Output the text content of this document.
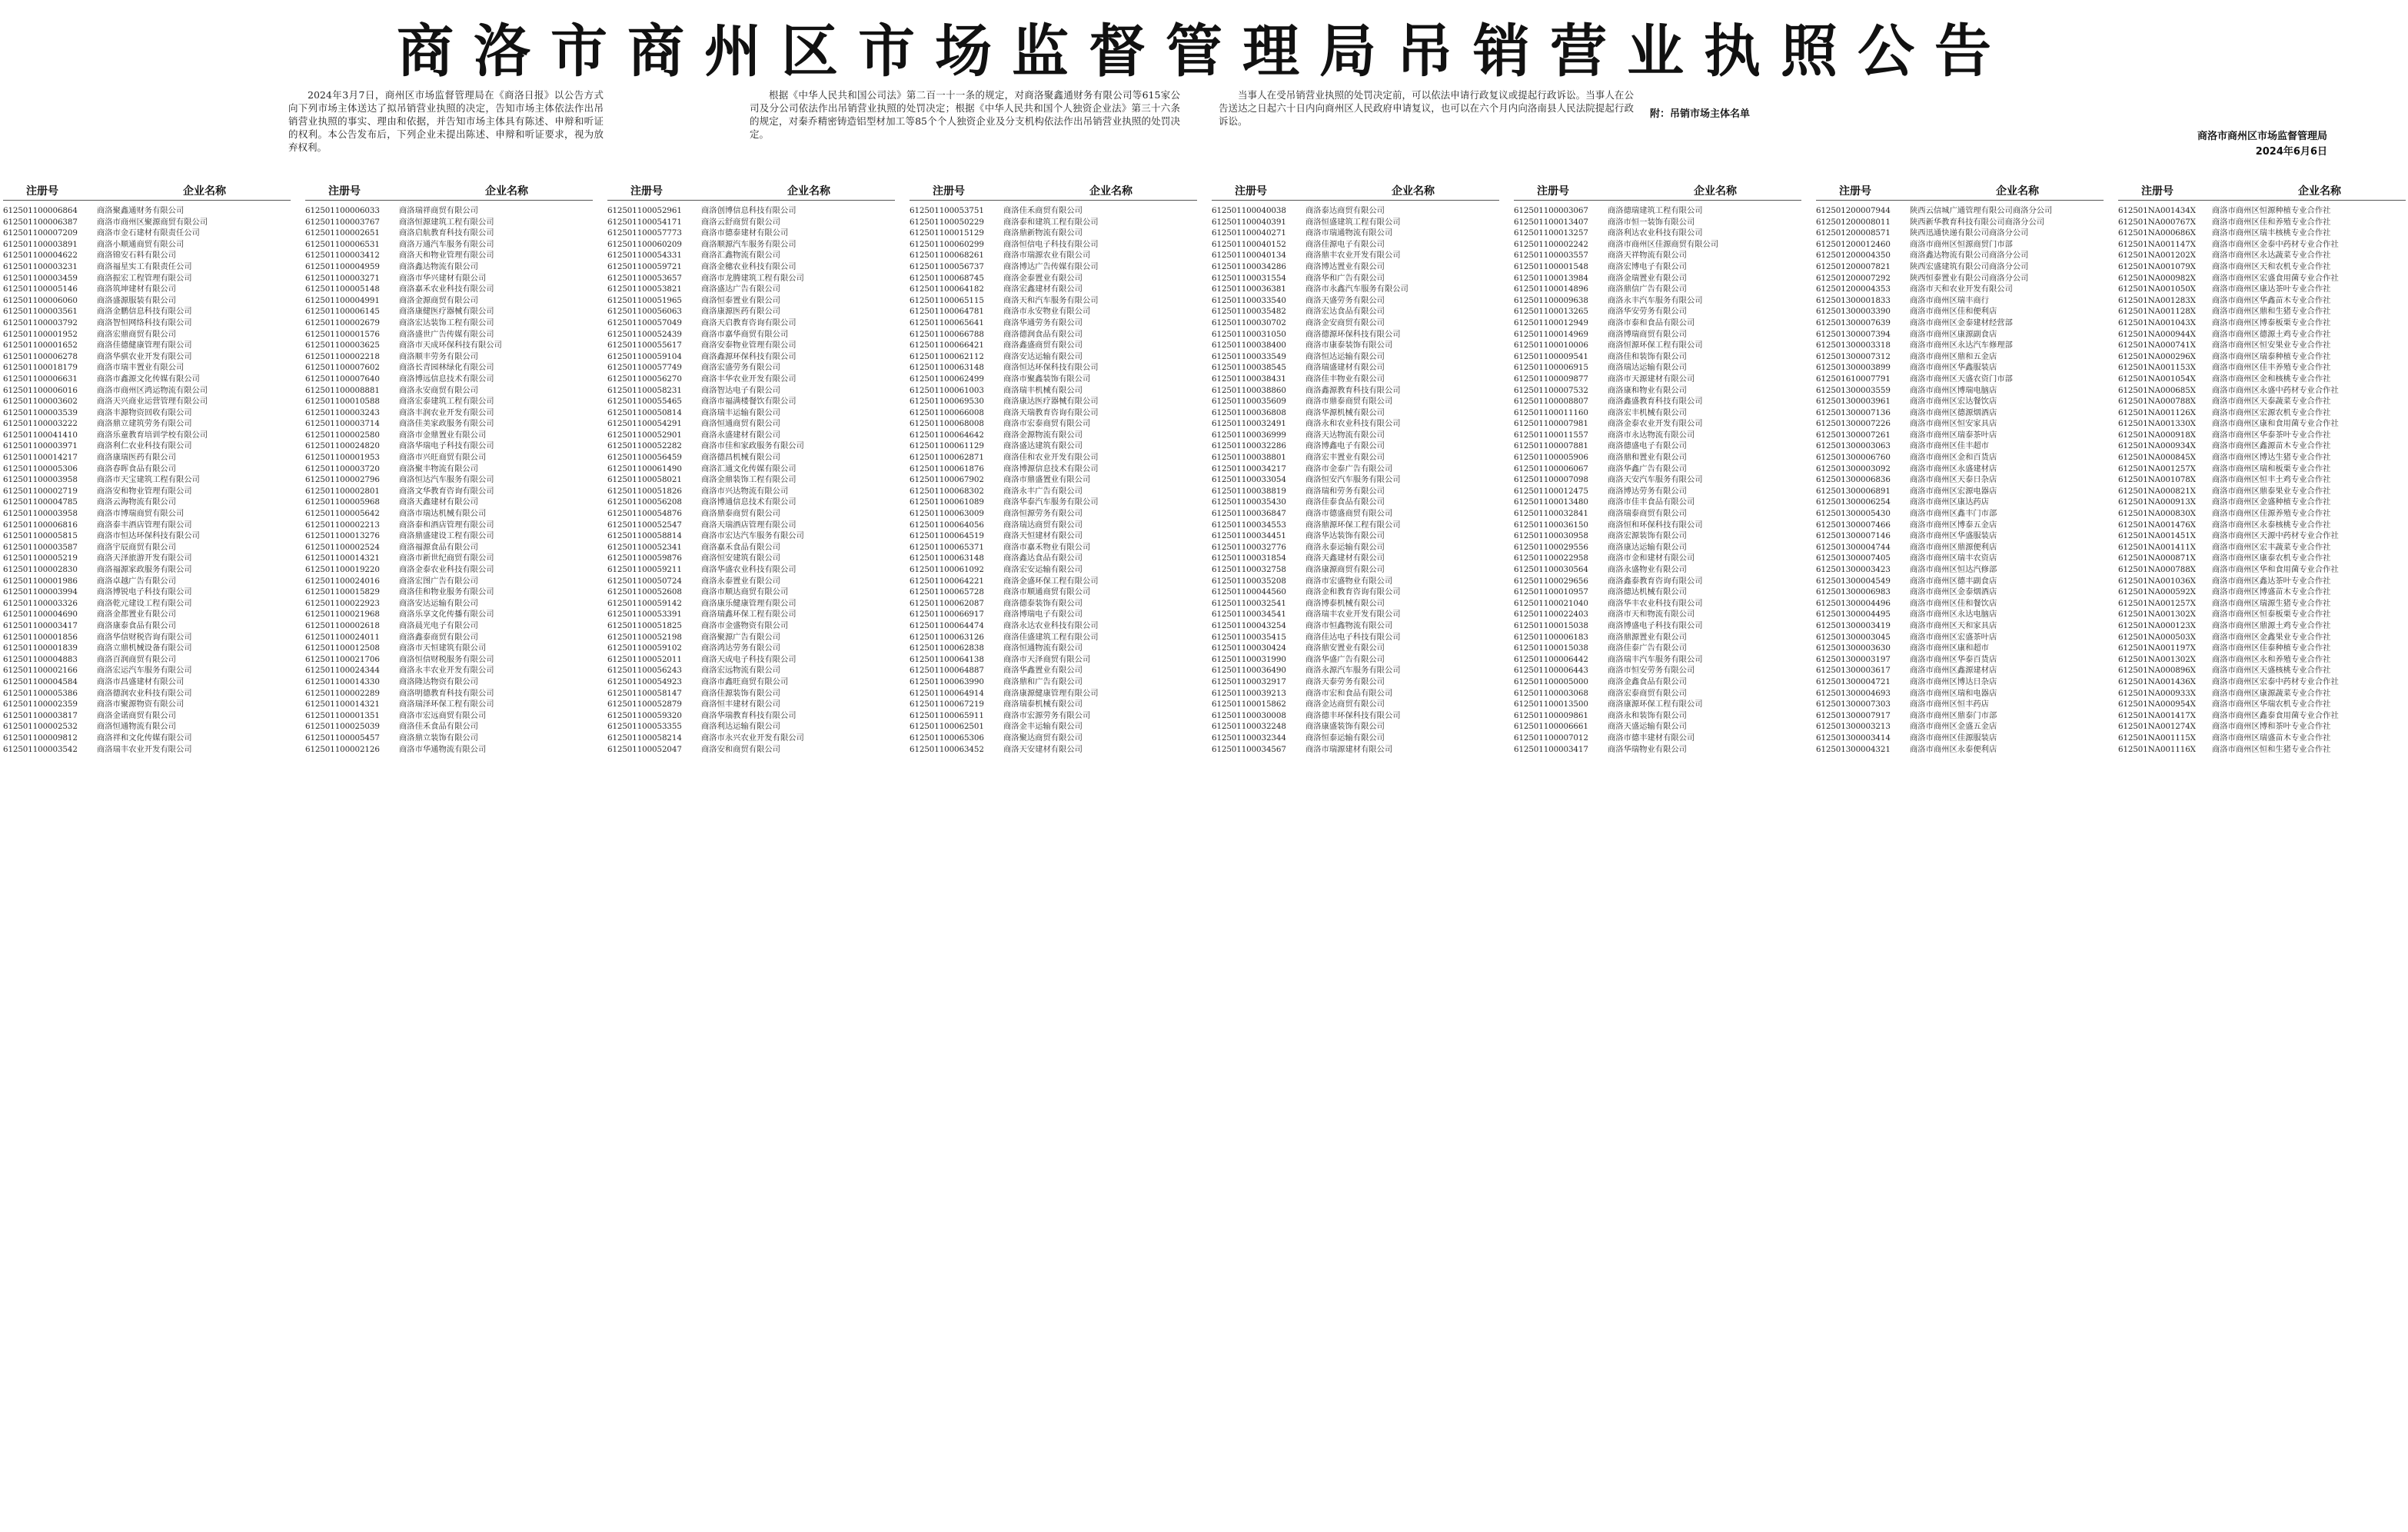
商洛市商州区市场监督管理局吊销营业执照公告

2024年3月7日，商州区市场监督管理局在《商洛日报》以公告方式向下列市场主体送达了拟吊销营业执照的决定，告知市场主体依法作出吊销营业执照的事实、理由和依据，并告知市场主体具有陈述、申辩和听证的权利。本公告发布后，下列企业未提出陈述、申辩和听证要求，视为放弃权利。

根据《中华人民共和国公司法》第二百一十一条的规定，对商洛聚鑫通财务有限公司等615家公司及分公司依法作出吊销营业执照的处罚决定；根据《中华人民共和国个人独资企业法》第三十六条的规定，对秦乔精密铸造铝型材加工等85个个人独资企业及分支机构依法作出吊销营业执照的处罚决定。

当事人在受吊销营业执照的处罚决定前，可以依法申请行政复议或提起行政诉讼。当事人在公告送达之日起六十日内向商州区人民政府申请复议，也可以在六个月内向洛南县人民法院提起行政诉讼。

附：吊销市场主体名单
商洛市商州区市场监督管理局
2024年6月6日
注册号	企业名称
612501100006864	商洛聚鑫通财务有限公司
612501100006387	商洛市商州区聚源商贸有限公司
612501100007209	商洛市金石建材有限责任公司
612501100003891	商洛小顺通商贸有限公司
612501100004622	商洛锦安石料有限公司
612501100003231	商洛福星实工有限责任公司
612501100003459	商洛振宏工程管理有限公司
612501100005146	商洛筑坤建材有限公司
612501100006060	商洛盛源服装有限公司
612501100003561	商洛金鹏信息科技有限公司
612501100003792	商洛智恒网络科技有限公司
612501100001952	商洛宏鼎商贸有限公司
612501100001652	商洛佳德健康管理有限公司
612501100006278	商洛华骐农业开发有限公司
612501100018179	商洛市瑞丰置业有限公司
612501100006631	商洛市鑫源文化传媒有限公司
612501100006016	商洛市商州区鸿运物流有限公司
612501100003602	商洛天兴商业运营管理有限公司
612501100003539	商洛丰源物资回收有限公司
612501100003222	商洛鼎立建筑劳务有限公司
612501100041410	商洛乐童教育培训学校有限公司
612501100003971	商洛利仁农业科技有限公司
612501100014217	商洛康瑞医药有限公司
612501100005306	商洛春晖食品有限公司
612501100003958	商洛市天宝建筑工程有限公司
612501100002719	商洛安和物业管理有限公司
612501100004785	商洛云海物流有限公司
612501100003958	商洛市博瑞商贸有限公司
612501100006816	商洛泰丰酒店管理有限公司
612501100005815	商洛市恒达环保科技有限公司
612501100003587	商洛宇辰商贸有限公司
612501100005219	商洛天泽旅游开发有限公司
612501100002830	商洛福源家政服务有限公司
612501100001986	商洛卓越广告有限公司
612501100003994	商洛博锐电子科技有限公司
612501100003326	商洛乾元建设工程有限公司
612501100004690	商洛金都置业有限公司
612501100003417	商洛康泰食品有限公司
612501100001856	商洛华信财税咨询有限公司
612501100001839	商洛立鼎机械设备有限公司
612501100004883	商洛百润商贸有限公司
612501100002166	商洛宏运汽车服务有限公司
612501100004584	商洛市昌盛建材有限公司
612501100005386	商洛德润农业科技有限公司
612501100002359	商洛市聚源物资有限公司
612501100003817	商洛金诺商贸有限公司
612501100002532	商洛恒通物流有限公司
612501100009812	商洛祥和文化传媒有限公司
612501100003542	商洛瑞丰农业开发有限公司
注册号	企业名称
612501100006033	商洛瑞祥商贸有限公司
612501100003767	商洛恒源建筑工程有限公司
612501100002651	商洛启航教育科技有限公司
612501100006531	商洛万通汽车服务有限公司
612501100003412	商洛天和物业管理有限公司
612501100004959	商洛鑫达物流有限公司
612501100003271	商洛市华兴建材有限公司
612501100005148	商洛嘉禾农业科技有限公司
612501100004991	商洛金源商贸有限公司
612501100006145	商洛康健医疗器械有限公司
612501100002679	商洛宏达装饰工程有限公司
612501100001576	商洛盛世广告传媒有限公司
612501100003625	商洛市天成环保科技有限公司
612501100002218	商洛顺丰劳务有限公司
612501100007602	商洛长青园林绿化有限公司
612501100007640	商洛博远信息技术有限公司
612501100008881	商洛永安商贸有限公司
612501100010588	商洛宏泰建筑工程有限公司
612501100003243	商洛丰润农业开发有限公司
612501100003714	商洛佳美家政服务有限公司
612501100002580	商洛市金鼎置业有限公司
612501100024820	商洛华瑞电子科技有限公司
612501100001953	商洛市兴旺商贸有限公司
612501100003720	商洛聚丰物流有限公司
612501100002796	商洛恒达汽车服务有限公司
612501100002801	商洛文华教育咨询有限公司
612501100005968	商洛天鑫建材有限公司
612501100005642	商洛市瑞达机械有限公司
612501100002213	商洛泰和酒店管理有限公司
612501100013276	商洛鼎盛建设工程有限公司
612501100002524	商洛福源食品有限公司
612501100014321	商洛市新世纪商贸有限公司
612501100019220	商洛金泰农业科技有限公司
612501100024016	商洛宏图广告有限公司
612501100015829	商洛佳和物业服务有限公司
612501100022923	商洛安达运输有限公司
612501100021968	商洛乐享文化传播有限公司
612501100002618	商洛晨光电子有限公司
612501100024011	商洛鑫泰商贸有限公司
612501100012508	商洛市天恒建筑有限公司
612501100021706	商洛恒信财税服务有限公司
612501100024344	商洛永丰农业开发有限公司
612501100014330	商洛隆达物资有限公司
612501100002289	商洛明德教育科技有限公司
612501100014321	商洛瑞泽环保工程有限公司
612501100001351	商洛市宏远商贸有限公司
612501100025039	商洛佳禾食品有限公司
612501100005457	商洛鼎立装饰有限公司
612501100002126	商洛市华通物流有限公司
注册号	企业名称
612501100052961	商洛创博信息科技有限公司
612501100054171	商洛云舒商贸有限公司
612501100057773	商洛市德泰建材有限公司
612501100060209	商洛顺源汽车服务有限公司
612501100054331	商洛汇鑫物流有限公司
612501100059721	商洛金穗农业科技有限公司
612501100053657	商洛市龙腾建筑工程有限公司
612501100053821	商洛盛达广告有限公司
612501100051965	商洛恒泰置业有限公司
612501100056063	商洛康源医药有限公司
612501100057049	商洛天启教育咨询有限公司
612501100052439	商洛市嘉华商贸有限公司
612501100055617	商洛安泰物业管理有限公司
612501100059104	商洛鑫源环保科技有限公司
612501100057749	商洛宏盛劳务有限公司
612501100056270	商洛丰华农业开发有限公司
612501100058231	商洛智达电子有限公司
612501100055465	商洛市福满楼餐饮有限公司
612501100050814	商洛瑞丰运输有限公司
612501100054291	商洛恒通商贸有限公司
612501100052901	商洛永盛建材有限公司
612501100052282	商洛市佳和家政服务有限公司
612501100056459	商洛德昌机械有限公司
612501100061490	商洛汇通文化传媒有限公司
612501100058021	商洛金鼎装饰工程有限公司
612501100051826	商洛市兴达物流有限公司
612501100056208	商洛博通信息技术有限公司
612501100054876	商洛鼎泰商贸有限公司
612501100052547	商洛天瑞酒店管理有限公司
612501100058814	商洛市宏达汽车服务有限公司
612501100052341	商洛嘉禾食品有限公司
612501100059876	商洛恒安建筑有限公司
612501100059211	商洛华盛农业科技有限公司
612501100050724	商洛永泰置业有限公司
612501100052608	商洛市顺达商贸有限公司
612501100059142	商洛康乐健康管理有限公司
612501100053391	商洛瑞鑫环保工程有限公司
612501100051825	商洛市金盛物资有限公司
612501100052198	商洛聚源广告有限公司
612501100059102	商洛鸿达劳务有限公司
612501100052011	商洛天成电子科技有限公司
612501100056243	商洛宏远物流有限公司
612501100054923	商洛市鑫旺商贸有限公司
612501100058147	商洛佳源装饰有限公司
612501100052879	商洛恒丰建材有限公司
612501100059320	商洛华瑞教育科技有限公司
612501100053355	商洛利达运输有限公司
612501100058214	商洛市永兴农业开发有限公司
612501100052047	商洛安和商贸有限公司
注册号	企业名称
612501100053751	商洛佳禾商贸有限公司
612501100050229	商洛泰和建筑工程有限公司
612501100015129	商洛鼎新物流有限公司
612501100060299	商洛恒信电子科技有限公司
612501100068261	商洛市瑞源农业有限公司
612501100056737	商洛博达广告传媒有限公司
612501100068745	商洛金泰置业有限公司
612501100064182	商洛宏鑫建材有限公司
612501100065115	商洛天和汽车服务有限公司
612501100064781	商洛市永安物业有限公司
612501100065641	商洛华通劳务有限公司
612501100066788	商洛德润食品有限公司
612501100066421	商洛鑫盛商贸有限公司
612501100062112	商洛安达运输有限公司
612501100063148	商洛恒达环保科技有限公司
612501100062499	商洛市聚鑫装饰有限公司
612501100061003	商洛瑞丰机械有限公司
612501100069530	商洛康达医疗器械有限公司
612501100066008	商洛天瑞教育咨询有限公司
612501100068008	商洛市宏泰商贸有限公司
612501100064642	商洛金源物流有限公司
612501100061129	商洛盛达建筑有限公司
612501100062871	商洛佳和农业开发有限公司
612501100061876	商洛博源信息技术有限公司
612501100067902	商洛市鼎盛置业有限公司
612501100068302	商洛永丰广告有限公司
612501100061089	商洛华泰汽车服务有限公司
612501100063009	商洛恒源劳务有限公司
612501100064056	商洛瑞达商贸有限公司
612501100064519	商洛天恒建材有限公司
612501100065371	商洛市嘉禾物业有限公司
612501100063148	商洛鑫达食品有限公司
612501100061092	商洛宏安运输有限公司
612501100064221	商洛金盛环保工程有限公司
612501100065728	商洛市顺通商贸有限公司
612501100062087	商洛德泰装饰有限公司
612501100066917	商洛博瑞电子有限公司
612501100064474	商洛永达农业科技有限公司
612501100063126	商洛佳盛建筑工程有限公司
612501100062838	商洛恒通物流有限公司
612501100064138	商洛市天泽商贸有限公司
612501100064887	商洛华鑫置业有限公司
612501100063990	商洛鼎和广告有限公司
612501100064914	商洛康源健康管理有限公司
612501100067219	商洛瑞泰机械有限公司
612501100065911	商洛市宏源劳务有限公司
612501100062501	商洛金丰运输有限公司
612501100065306	商洛聚达商贸有限公司
612501100063452	商洛天安建材有限公司
注册号	企业名称
612501100040038	商洛泰达商贸有限公司
612501100040391	商洛恒盛建筑工程有限公司
612501100040271	商洛市瑞通物流有限公司
612501100040152	商洛佳源电子有限公司
612501100040134	商洛鼎丰农业开发有限公司
612501100034286	商洛博达置业有限公司
612501100031554	商洛华和广告有限公司
612501100036381	商洛市永鑫汽车服务有限公司
612501100033540	商洛天盛劳务有限公司
612501100035482	商洛宏达食品有限公司
612501100030702	商洛金安商贸有限公司
612501100031050	商洛德源环保科技有限公司
612501100038400	商洛市康泰装饰有限公司
612501100033549	商洛恒达运输有限公司
612501100038545	商洛瑞盛建材有限公司
612501100038431	商洛佳丰物业有限公司
612501100038860	商洛鑫源教育科技有限公司
612501100035609	商洛市鼎泰商贸有限公司
612501100036808	商洛华源机械有限公司
612501100032491	商洛永和农业科技有限公司
612501100036999	商洛天达物流有限公司
612501100032286	商洛博鑫电子有限公司
612501100038801	商洛宏丰置业有限公司
612501100034217	商洛市金泰广告有限公司
612501100033054	商洛恒安汽车服务有限公司
612501100038819	商洛瑞和劳务有限公司
612501100035430	商洛佳泰食品有限公司
612501100036847	商洛市德盛商贸有限公司
612501100034553	商洛鼎源环保工程有限公司
612501100034451	商洛华达装饰有限公司
612501100032776	商洛永泰运输有限公司
612501100031854	商洛天鑫建材有限公司
612501100032758	商洛康源商贸有限公司
612501100035208	商洛市宏盛物业有限公司
612501100044560	商洛金和教育咨询有限公司
612501100032541	商洛博泰机械有限公司
612501100034541	商洛瑞丰农业开发有限公司
612501100043254	商洛市恒鑫物流有限公司
612501100035415	商洛佳达电子科技有限公司
612501100030424	商洛鼎安置业有限公司
612501100031990	商洛华盛广告有限公司
612501100036490	商洛永源汽车服务有限公司
612501100032917	商洛天泰劳务有限公司
612501100039213	商洛市宏和食品有限公司
612501100015862	商洛金达商贸有限公司
612501100030008	商洛德丰环保科技有限公司
612501100032248	商洛康盛装饰有限公司
612501100032344	商洛恒泰运输有限公司
612501100034567	商洛市瑞源建材有限公司
注册号	企业名称
612501100003067	商洛德瑞建筑工程有限公司
612501100013407	商洛市恒一装饰有限公司
612501100013257	商洛利达农业科技有限公司
612501100002242	商洛市商州区佳源商贸有限公司
612501100003557	商洛天祥物流有限公司
612501100001548	商洛宏博电子有限公司
612501100013984	商洛金瑞置业有限公司
612501100014896	商洛鼎信广告有限公司
612501100009638	商洛永丰汽车服务有限公司
612501100013265	商洛华安劳务有限公司
612501100012949	商洛市泰和食品有限公司
612501100014969	商洛博瑞商贸有限公司
612501100010006	商洛恒源环保工程有限公司
612501100009541	商洛佳和装饰有限公司
612501100006915	商洛瑞达运输有限公司
612501100009877	商洛市天源建材有限公司
612501100007532	商洛康和物业有限公司
612501100008807	商洛鑫盛教育科技有限公司
612501100011160	商洛宏丰机械有限公司
612501100007981	商洛金泰农业开发有限公司
612501100011557	商洛市永达物流有限公司
612501100007881	商洛德盛电子有限公司
612501100005906	商洛鼎和置业有限公司
612501100006067	商洛华鑫广告有限公司
612501100007098	商洛天安汽车服务有限公司
612501100012475	商洛博达劳务有限公司
612501100013480	商洛市佳丰食品有限公司
612501100032841	商洛瑞泰商贸有限公司
612501100036150	商洛恒和环保科技有限公司
612501100030958	商洛宏源装饰有限公司
612501100029556	商洛康达运输有限公司
612501100022958	商洛市金和建材有限公司
612501100030564	商洛永盛物业有限公司
612501100029656	商洛鑫泰教育咨询有限公司
612501100010957	商洛德达机械有限公司
612501100021040	商洛华丰农业科技有限公司
612501100022403	商洛市天和物流有限公司
612501100015038	商洛博盛电子科技有限公司
612501100006183	商洛鼎源置业有限公司
612501100015038	商洛佳泰广告有限公司
612501100006442	商洛瑞丰汽车服务有限公司
612501100006443	商洛市恒安劳务有限公司
612501100005000	商洛金鑫食品有限公司
612501100003068	商洛宏泰商贸有限公司
612501100013500	商洛康源环保工程有限公司
612501100009861	商洛永和装饰有限公司
612501100006661	商洛天盛运输有限公司
612501100007012	商洛市德丰建材有限公司
612501100003417	商洛华瑞物业有限公司
注册号	企业名称
612501200007944	陕西云信城广通管理有限公司商洛分公司
612501200008011	陕西新华教育科技有限公司商洛分公司
612501200008571	陕西迅通快递有限公司商洛分公司
612501200012460	商洛市商州区恒源商贸门市部
612501200004350	商洛鑫达物流有限公司商洛分公司
612501200007821	陕西宏盛建筑有限公司商洛分公司
612501200007292	陕西恒泰置业有限公司商洛分公司
612501200004353	商洛市天和农业开发有限公司
612501300001833	商洛市商州区瑞丰商行
612501300003390	商洛市商州区佳和便利店
612501300007639	商洛市商州区金泰建材经营部
612501300007394	商洛市商州区康源副食店
612501300003318	商洛市商州区永达汽车修理部
612501300007312	商洛市商州区鼎和五金店
612501300003899	商洛市商州区华鑫服装店
612501610007791	商洛市商州区天盛农资门市部
612501300003559	商洛市商州区博瑞电脑店
612501300003961	商洛市商州区宏达餐饮店
612501300007136	商洛市商州区德源烟酒店
612501300007226	商洛市商州区恒安家具店
612501300007261	商洛市商州区瑞泰茶叶店
612501300003063	商洛市商州区佳丰超市
612501300006760	商洛市商州区金和百货店
612501300003092	商洛市商州区永盛建材店
612501300006836	商洛市商州区天泰日杂店
612501300006891	商洛市商州区宏源电器店
612501300006254	商洛市商州区康达药店
612501300005430	商洛市商州区鑫丰门市部
612501300007466	商洛市商州区博泰五金店
612501300007146	商洛市商州区华盛服装店
612501300004744	商洛市商州区鼎源便利店
612501300007405	商洛市商州区瑞丰农资店
612501300003423	商洛市商州区恒达汽修部
612501300004549	商洛市商州区德丰副食店
612501300006983	商洛市商州区金泰烟酒店
612501300004496	商洛市商州区佳和餐饮店
612501300004495	商洛市商州区永达电脑店
612501300003419	商洛市商州区天和家具店
612501300003045	商洛市商州区宏盛茶叶店
612501300003630	商洛市商州区康和超市
612501300003197	商洛市商州区华泰百货店
612501300003617	商洛市商州区鑫源建材店
612501300004721	商洛市商州区博达日杂店
612501300004693	商洛市商州区瑞和电器店
612501300007303	商洛市商州区恒丰药店
612501300007917	商洛市商州区鼎泰门市部
612501300003213	商洛市商州区金盛五金店
612501300003414	商洛市商州区佳源服装店
612501300004321	商洛市商州区永泰便利店
注册号	企业名称
612501NA001434X	商洛市商州区恒源种植专业合作社
612501NA000767X	商洛市商州区佳和养殖专业合作社
612501NA000686X	商洛市商州区瑞丰核桃专业合作社
612501NA001147X	商洛市商州区金泰中药材专业合作社
612501NA001202X	商洛市商州区永达蔬菜专业合作社
612501NA001079X	商洛市商州区天和农机专业合作社
612501NA000982X	商洛市商州区宏盛食用菌专业合作社
612501NA001050X	商洛市商州区康达茶叶专业合作社
612501NA001283X	商洛市商州区华鑫苗木专业合作社
612501NA001128X	商洛市商州区鼎和生猪专业合作社
612501NA001043X	商洛市商州区博泰板栗专业合作社
612501NA000944X	商洛市商州区德源土鸡专业合作社
612501NA000741X	商洛市商州区恒安果业专业合作社
612501NA000296X	商洛市商州区瑞泰种植专业合作社
612501NA001153X	商洛市商州区佳丰养殖专业合作社
612501NA001054X	商洛市商州区金和核桃专业合作社
612501NA000685X	商洛市商州区永盛中药材专业合作社
612501NA000788X	商洛市商州区天泰蔬菜专业合作社
612501NA001126X	商洛市商州区宏源农机专业合作社
612501NA001330X	商洛市商州区康和食用菌专业合作社
612501NA000918X	商洛市商州区华泰茶叶专业合作社
612501NA000934X	商洛市商州区鑫源苗木专业合作社
612501NA000845X	商洛市商州区博达生猪专业合作社
612501NA001257X	商洛市商州区瑞和板栗专业合作社
612501NA001078X	商洛市商州区恒丰土鸡专业合作社
612501NA000821X	商洛市商州区鼎泰果业专业合作社
612501NA000913X	商洛市商州区金盛种植专业合作社
612501NA000830X	商洛市商州区佳源养殖专业合作社
612501NA001476X	商洛市商州区永泰核桃专业合作社
612501NA001451X	商洛市商州区天源中药材专业合作社
612501NA001411X	商洛市商州区宏丰蔬菜专业合作社
612501NA000871X	商洛市商州区康泰农机专业合作社
612501NA000788X	商洛市商州区华和食用菌专业合作社
612501NA001036X	商洛市商州区鑫达茶叶专业合作社
612501NA000592X	商洛市商州区博盛苗木专业合作社
612501NA001257X	商洛市商州区瑞源生猪专业合作社
612501NA001302X	商洛市商州区恒泰板栗专业合作社
612501NA000123X	商洛市商州区鼎源土鸡专业合作社
612501NA000503X	商洛市商州区金鑫果业专业合作社
612501NA001197X	商洛市商州区佳泰种植专业合作社
612501NA001302X	商洛市商州区永和养殖专业合作社
612501NA000896X	商洛市商州区天盛核桃专业合作社
612501NA001436X	商洛市商州区宏泰中药材专业合作社
612501NA000933X	商洛市商州区康源蔬菜专业合作社
612501NA000954X	商洛市商州区华瑞农机专业合作社
612501NA001417X	商洛市商州区鑫泰食用菌专业合作社
612501NA001274X	商洛市商州区博和茶叶专业合作社
612501NA001115X	商洛市商州区瑞盛苗木专业合作社
612501NA001116X	商洛市商州区恒和生猪专业合作社
